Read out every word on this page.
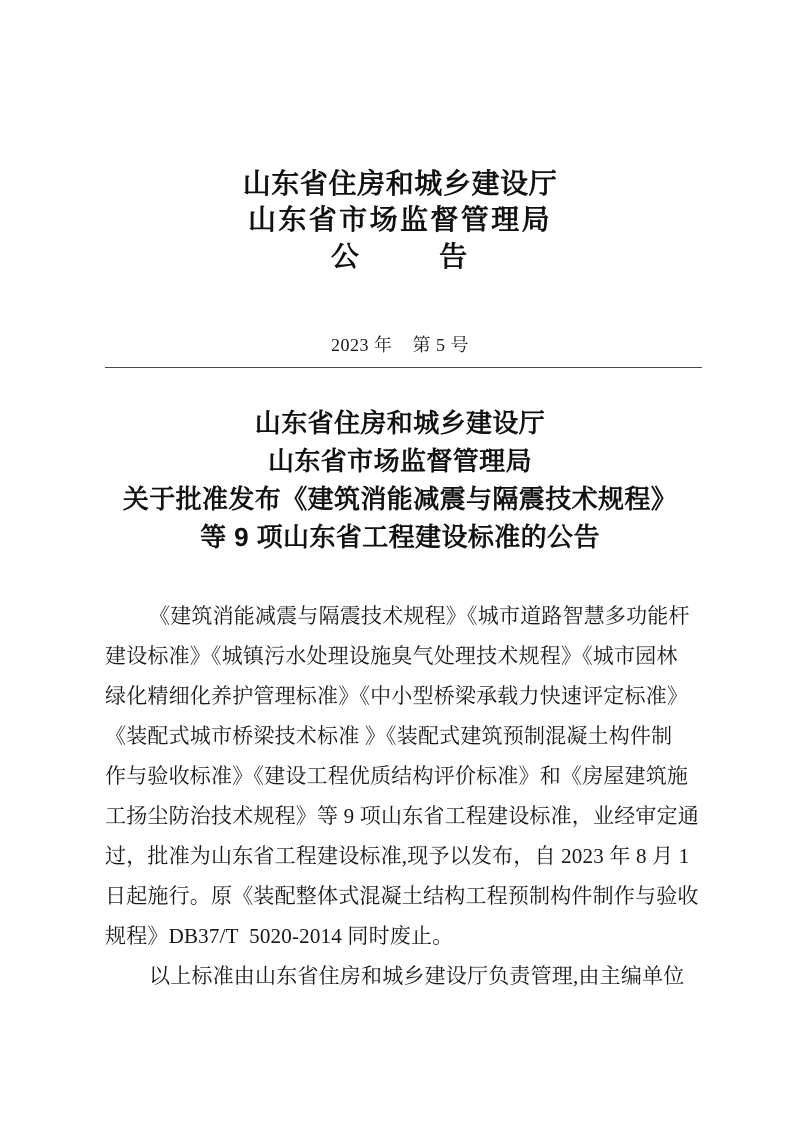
山东省住房和城乡建设厅
山东省市场监督管理局
公        告
2023 年    第 5 号
山东省住房和城乡建设厅
山东省市场监督管理局
关于批准发布《建筑消能减震与隔震技术规程》
等 9 项山东省工程建设标准的公告
《建筑消能减震与隔震技术规程》《城市道路智慧多功能杆
建设标准》《城镇污水处理设施臭气处理技术规程》《城市园林
绿化精细化养护管理标准》《中小型桥梁承载力快速评定标准》
《装配式城市桥梁技术标准 》《装配式建筑预制混凝土构件制
作与验收标准》《建设工程优质结构评价标准》和《房屋建筑施
工扬尘防治技术规程》等 9 项山东省工程建设标准，业经审定通
过，批准为山东省工程建设标准,现予以发布，自 2023 年 8 月 1
日起施行。原《装配整体式混凝土结构工程预制构件制作与验收
规程》DB37/T  5020-2014 同时废止。
以上标准由山东省住房和城乡建设厅负责管理,由主编单位
